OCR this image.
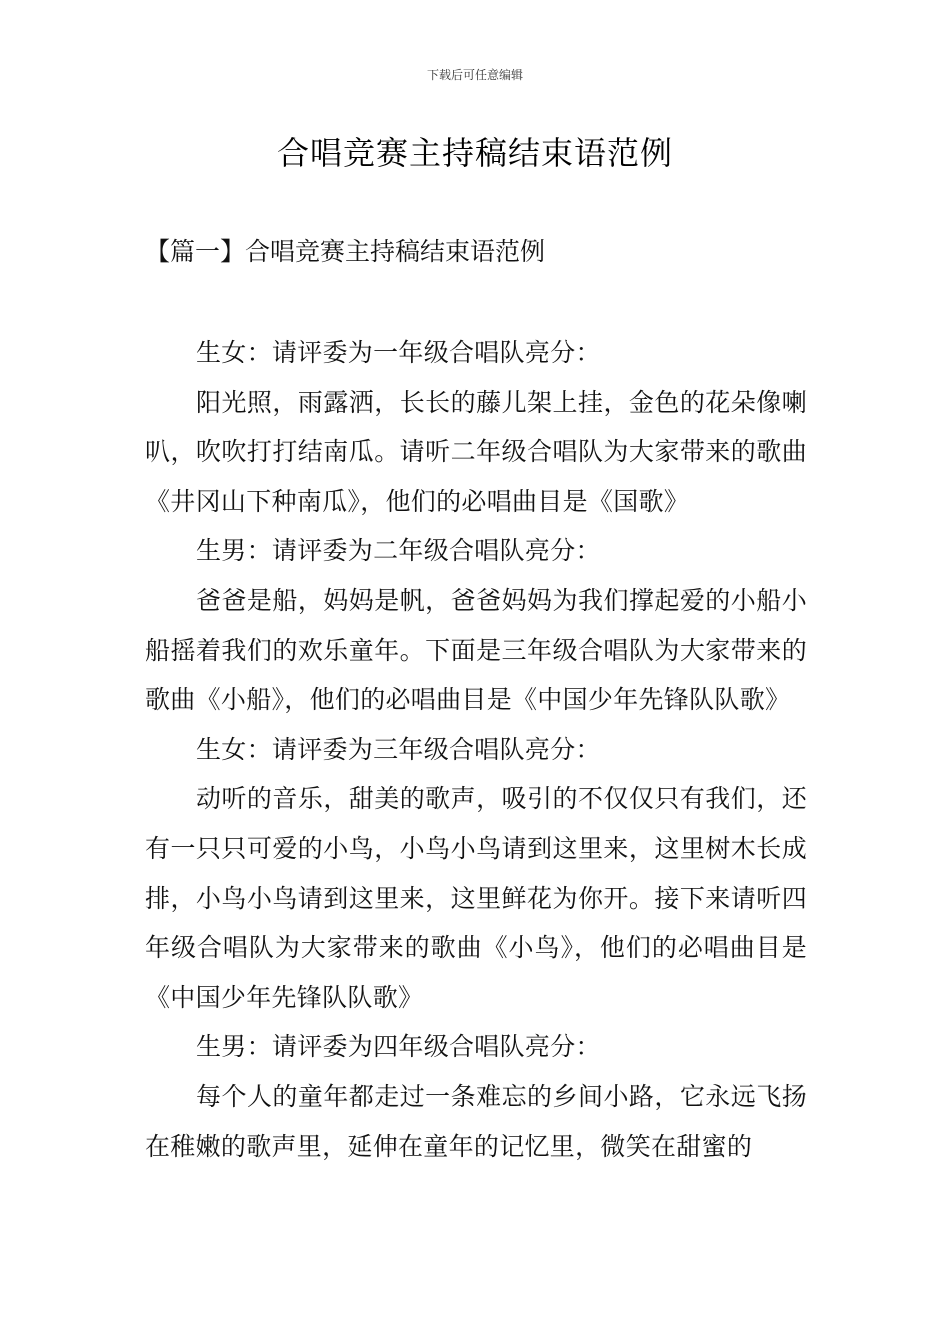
下载后可任意编辑
合唱竞赛主持稿结束语范例
【篇一】合唱竞赛主持稿结束语范例

生女：请评委为一年级合唱队亮分：

阳光照，雨露洒，长长的藤儿架上挂，金色的花朵像喇叭，吹吹打打结南瓜。请听二年级合唱队为大家带来的歌曲《井冈山下种南瓜》，他们的必唱曲目是《国歌》

生男：请评委为二年级合唱队亮分：

爸爸是船，妈妈是帆，爸爸妈妈为我们撑起爱的小船小船摇着我们的欢乐童年。下面是三年级合唱队为大家带来的歌曲《小船》，他们的必唱曲目是《中国少年先锋队队歌》

生女：请评委为三年级合唱队亮分：

动听的音乐，甜美的歌声，吸引的不仅仅只有我们，还有一只只可爱的小鸟，小鸟小鸟请到这里来，这里树木长成排，小鸟小鸟请到这里来，这里鲜花为你开。接下来请听四年级合唱队为大家带来的歌曲《小鸟》，他们的必唱曲目是《中国少年先锋队队歌》

生男：请评委为四年级合唱队亮分：

每个人的童年都走过一条难忘的乡间小路，它永远飞扬在稚嫩的歌声里，延伸在童年的记忆里，微笑在甜蜜的
